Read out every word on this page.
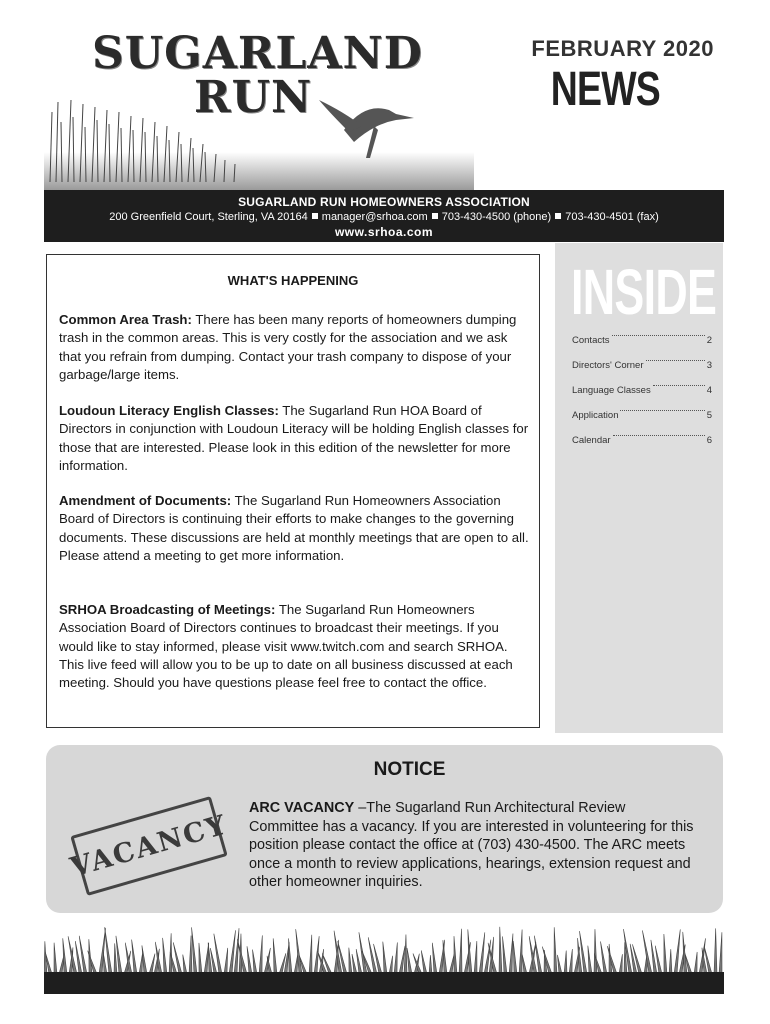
SUGARLAND
RUN
FEBRUARY 2020
NEWS
SUGARLAND RUN HOMEOWNERS ASSOCIATION
200 Greenfield Court, Sterling, VA 20164 manager@srhoa.com 703-430-4500 (phone) 703-430-4501 (fax)
www.srhoa.com
WHAT'S HAPPENING

Common Area Trash: There has been many reports of homeowners dumping trash in the common areas. This is very costly for the association and we ask that you refrain from dumping. Contact your trash company to dispose of your garbage/large items.

Loudoun Literacy English Classes: The Sugarland Run HOA Board of Directors in conjunction with Loudoun Literacy will be holding English classes for those that are interested. Please look in this edition of the newsletter for more information.

Amendment of Documents: The Sugarland Run Homeowners Association Board of Directors is continuing their efforts to make changes to the governing documents. These discussions are held at monthly meetings that are open to all. Please attend a meeting to get more information.

SRHOA Broadcasting of Meetings: The Sugarland Run Homeowners Association Board of Directors continues to broadcast their meetings. If you would like to stay informed, please visit www.twitch.com and search SRHOA. This live feed will allow you to be up to date on all business discussed at each meeting. Should you have questions please feel free to contact the office.

INSIDE
Contacts	2
Directors' Corner	3
Language Classes	4
Application	5
Calendar	6
NOTICE
VACANCY

ARC VACANCY –The Sugarland Run Architectural Review Committee has a vacancy. If you are interested in volunteering for this position please contact the office at (703) 430-4500. The ARC meets once a month to review applications, hearings, extension request and other homeowner inquiries.
